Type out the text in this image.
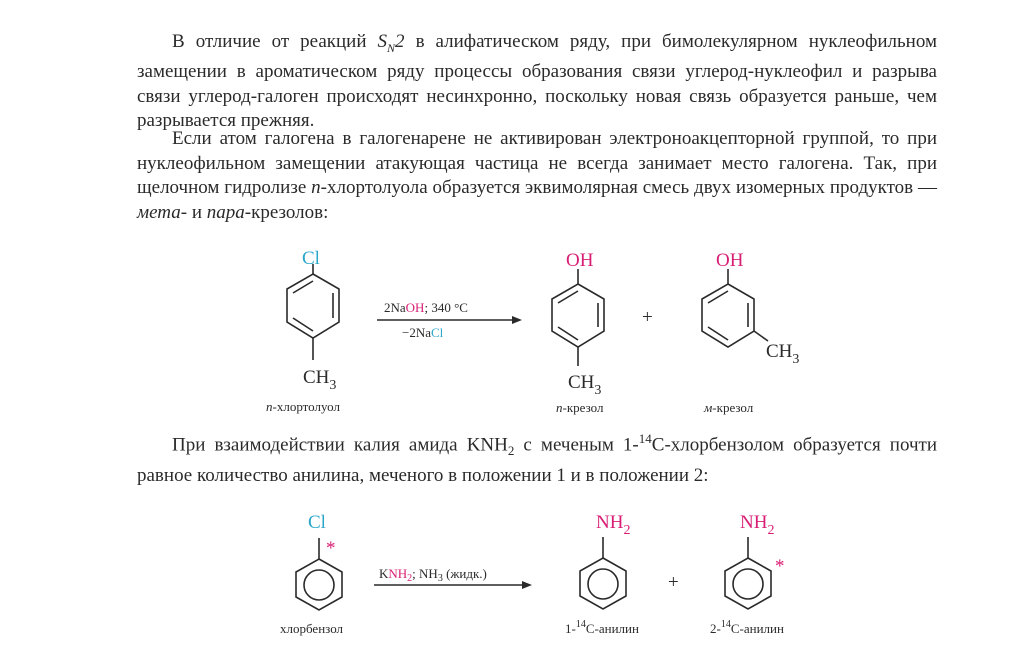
В отличие от реакций $S_N2$ в алифатическом ряду, при бимолекулярном нуклеофильном замещении в ароматическом ряду процессы образования связи углерод-нуклеофил и разрыва связи углерод-галоген происходят несинхронно, поскольку новая связь образуется раньше, чем разрывается прежняя.
Если атом галогена в галогенарене не активирован электроноакцепторной группой, то при нуклеофильном замещении атакующая частица не всегда занимает место галогена. Так, при щелочном гидролизе п-хлортолуола образуется эквимолярная смесь двух изомерных продуктов — мета- и пара-крезолов:
Cl
$CH_3$
п-хлортолуол
2NaOH; 340 °C
−2NaCl
OH
$CH_3$
п-крезол
+
OH
$CH_3$
м-крезол
При взаимодействии калия амида $KNH_2$ с меченым 1-$^{14}$С-хлорбензолом образуется почти равное количество анилина, меченого в положении 1 и в положении 2:
Cl
*
хлорбензол
$KNH_2$; $NH_3$ (жидк.)
$NH_2$
1-$^{14}$С-анилин
+
$NH_2$
*
2-$^{14}$С-анилин
